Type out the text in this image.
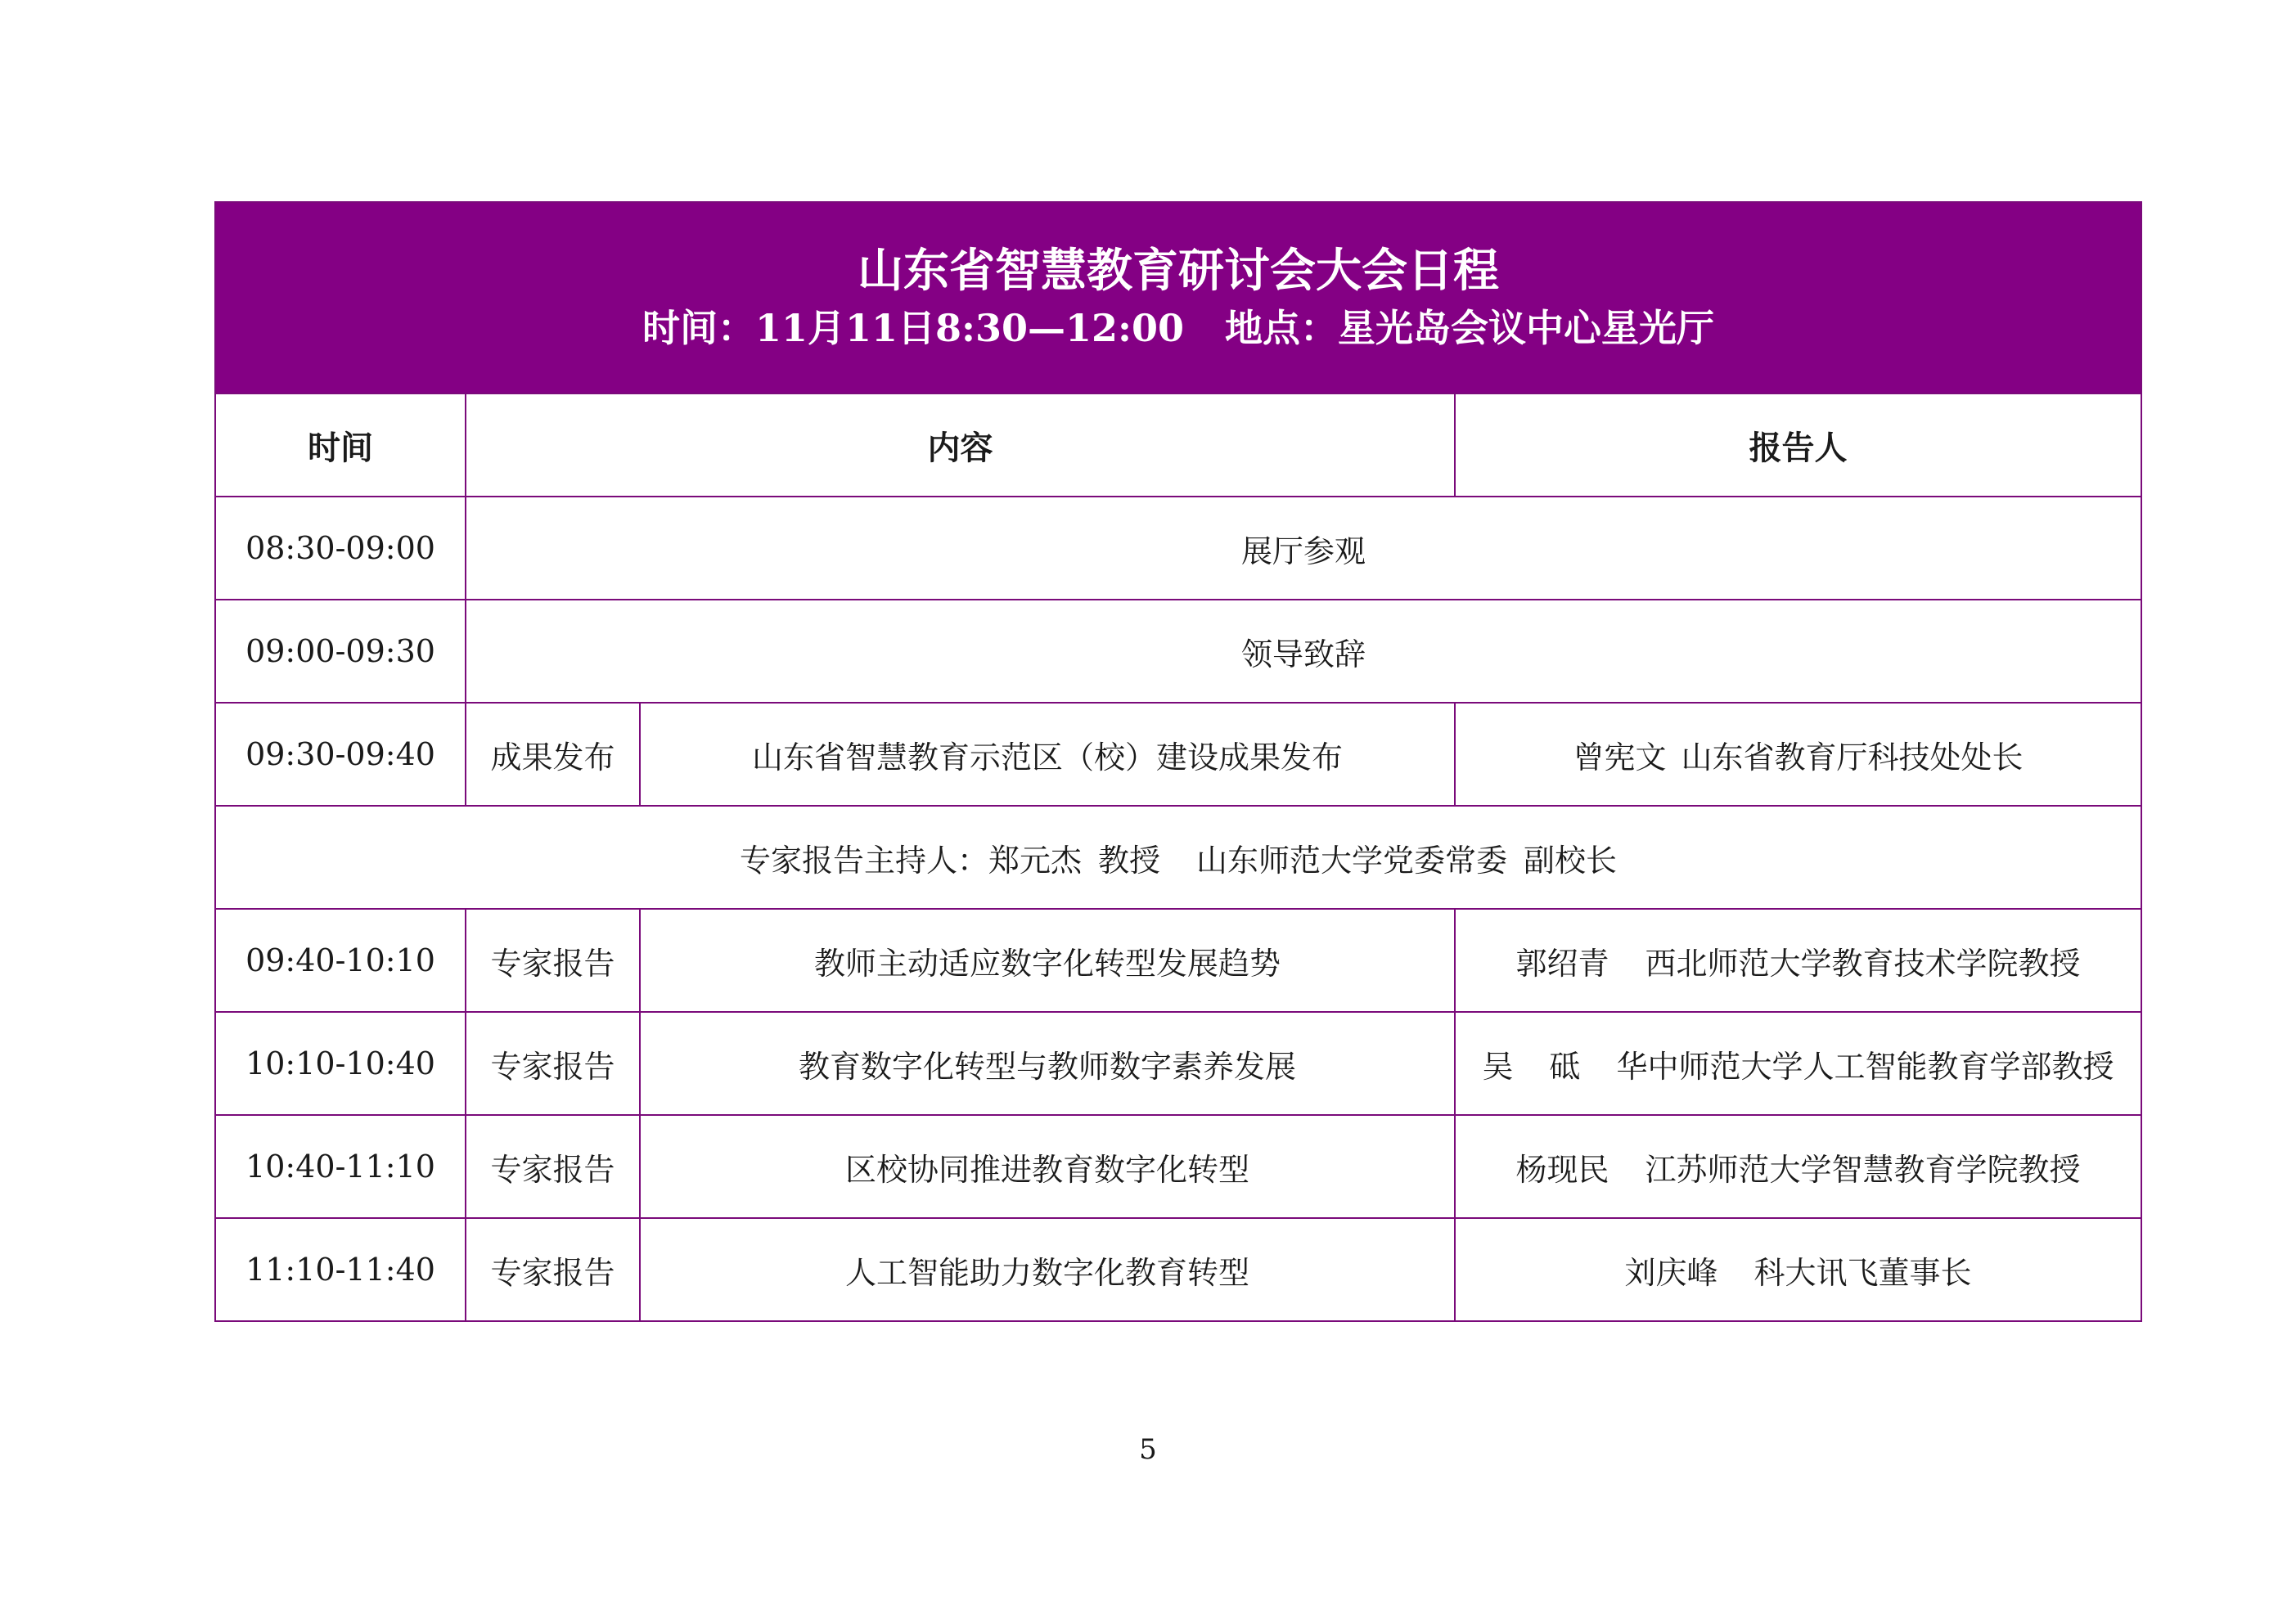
山东省智慧教育研讨会大会日程
时间：11月11日8:30—12:00 地点：星光岛会议中心星光厅			

时间	内容		报告人
08:30-09:00	展厅参观		
09:00-09:30	领导致辞		
09:30-09:40	成果发布	山东省智慧教育示范区（校）建设成果发布	曾宪文 山东省教育厅科技处处长
专家报告主持人：郑元杰 教授 山东师范大学党委常委 副校长			
09:40-10:10	专家报告	教师主动适应数字化转型发展趋势	郭绍青 西北师范大学教育技术学院教授
10:10-10:40	专家报告	教育数字化转型与教师数字素养发展	吴 砥 华中师范大学人工智能教育学部教授
10:40-11:10	专家报告	区校协同推进教育数字化转型	杨现民 江苏师范大学智慧教育学院教授
11:10-11:40	专家报告	人工智能助力数字化教育转型	刘庆峰 科大讯飞董事长
5
